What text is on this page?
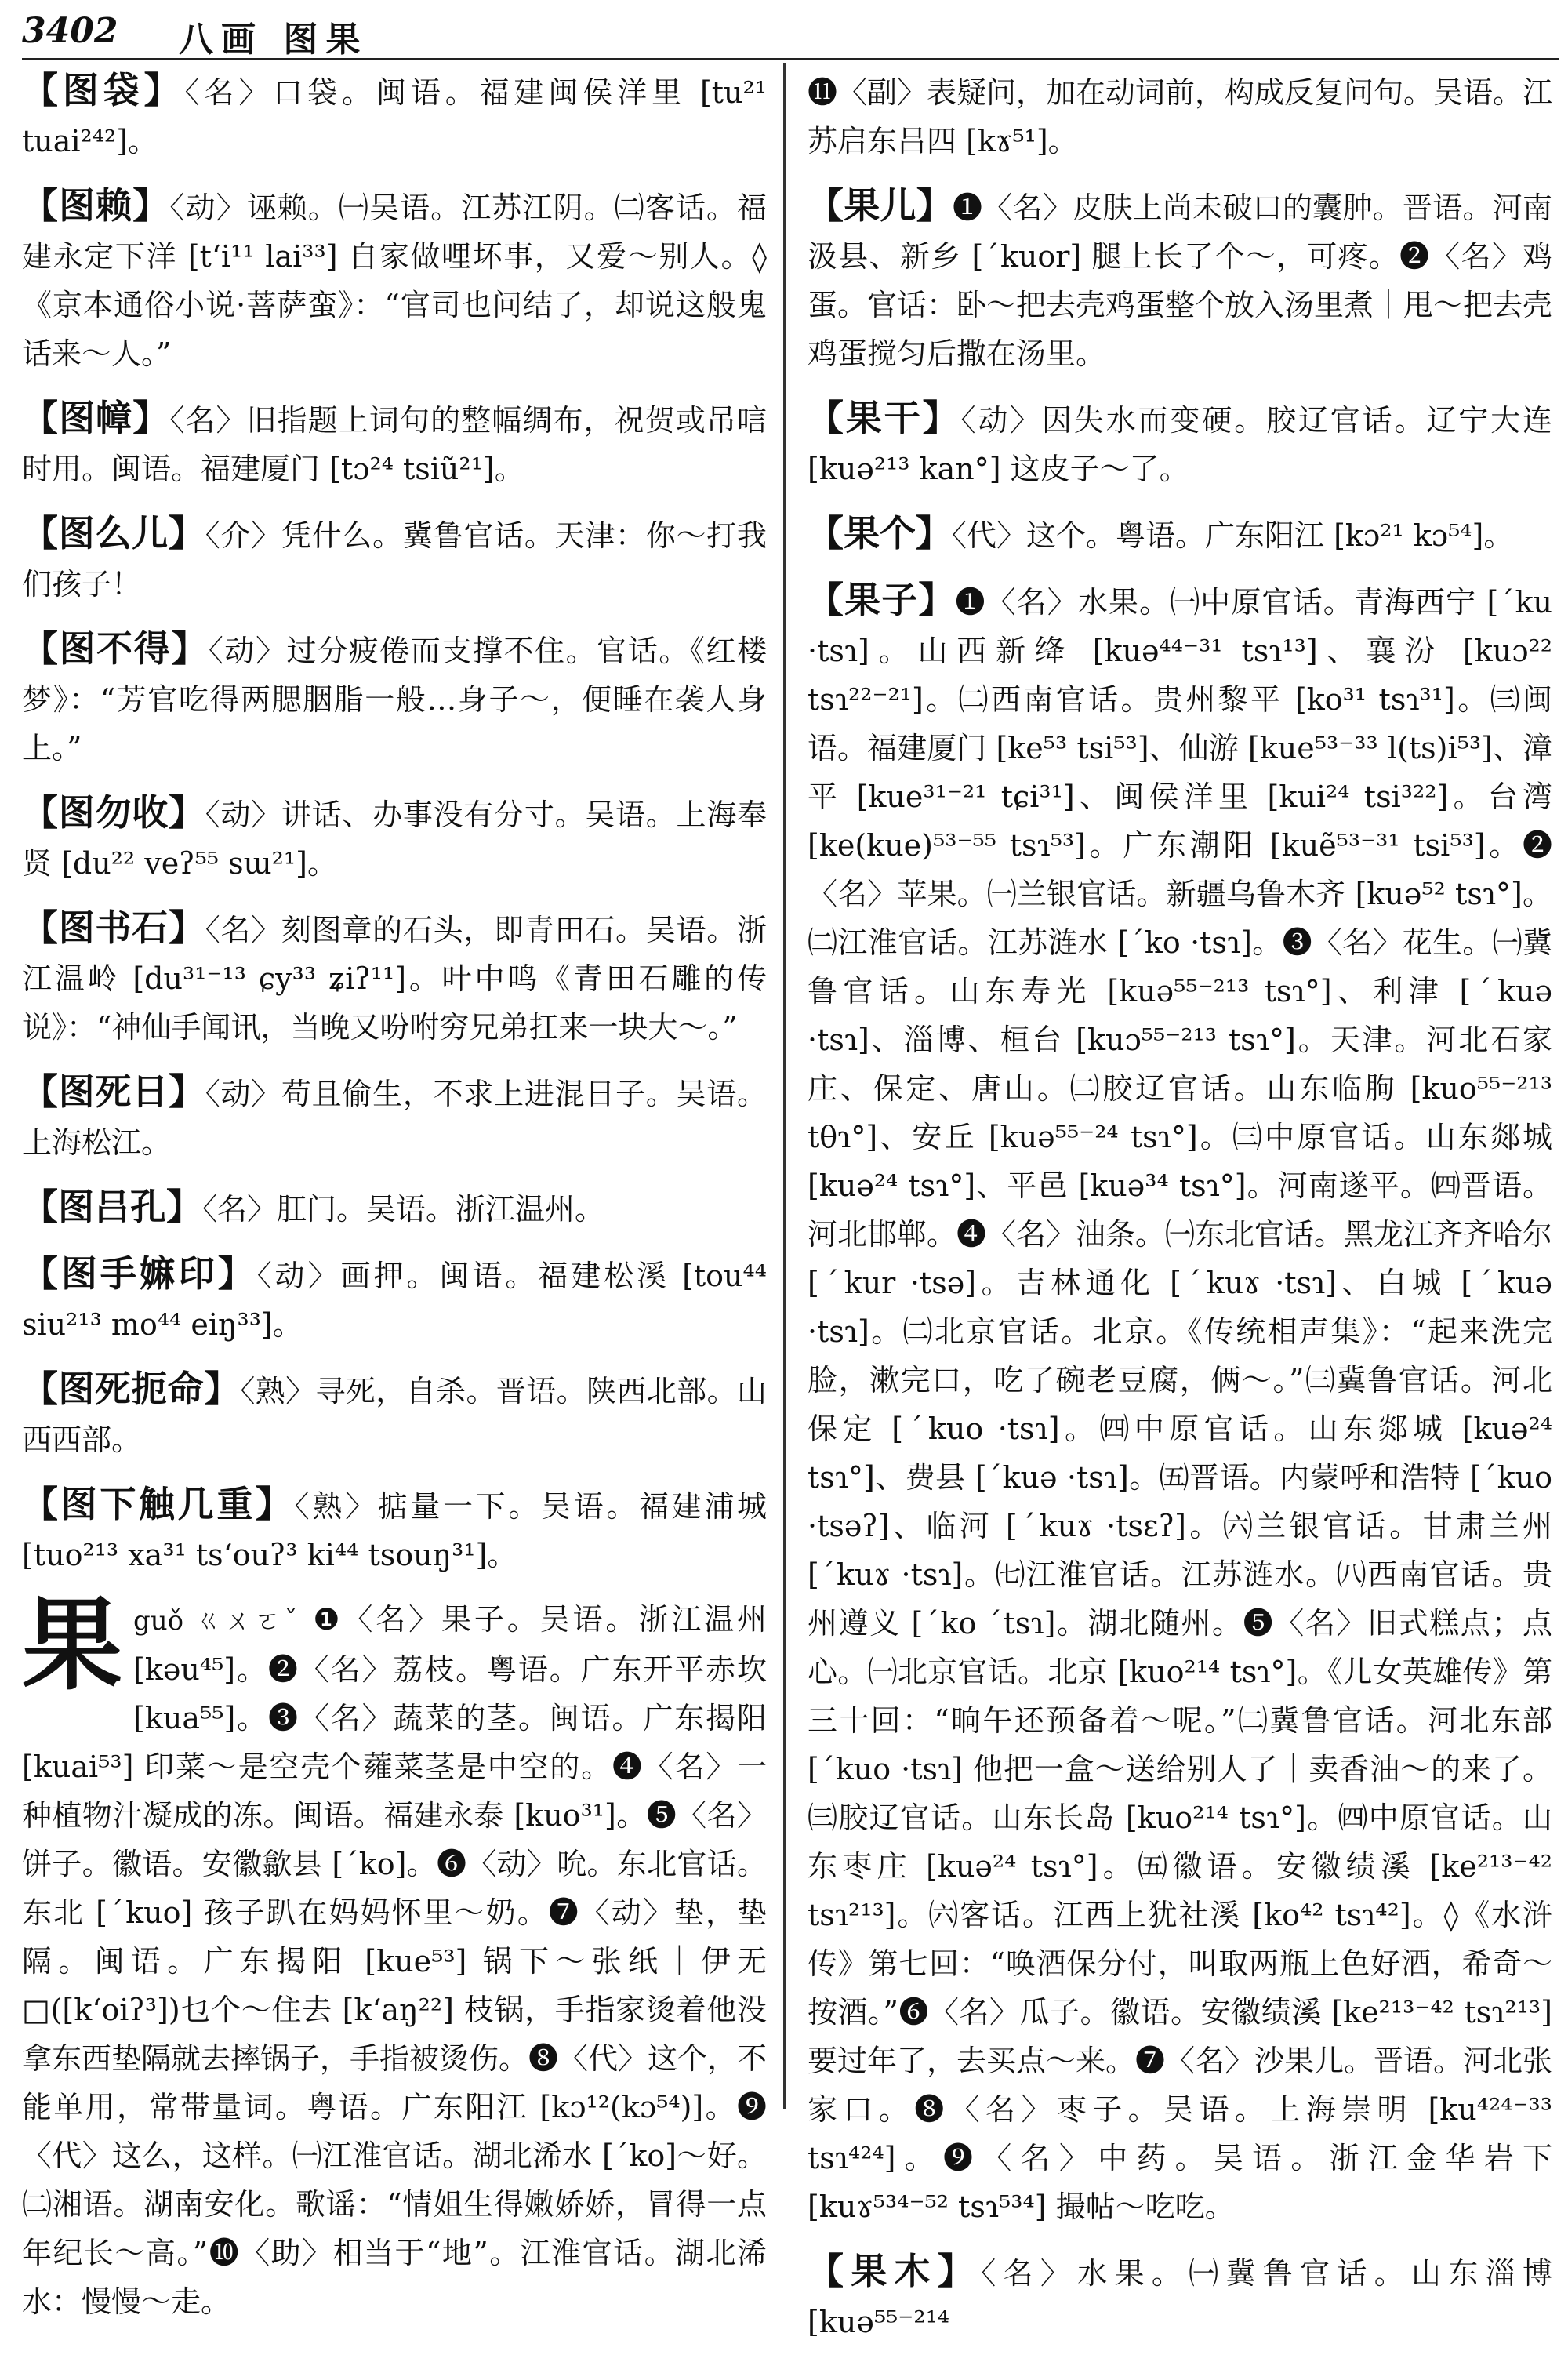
3402 八画 图果

【图袋】〈名〉口袋。闽语。福建闽侯洋里 [tu²¹ tuai²⁴²]。

【图赖】〈动〉诬赖。㈠吴语。江苏江阴。㈡客话。福建永定下洋 [tʻi¹¹ lai³³] 自家做哩坏事，又爱～别人。◊《京本通俗小说·菩萨蛮》：“官司也问结了，却说这般鬼话来～人。”

【图幛】〈名〉旧指题上词句的整幅绸布，祝贺或吊唁时用。闽语。福建厦门 [tɔ²⁴ tsiũ²¹]。

【图么儿】〈介〉凭什么。冀鲁官话。天津：你～打我们孩子！

【图不得】〈动〉过分疲倦而支撑不住。官话。《红楼梦》：“芳官吃得两腮胭脂一般…身子～，便睡在袭人身上。”

【图勿收】〈动〉讲话、办事没有分寸。吴语。上海奉贤 [du²² veʔ⁵⁵ sɯ²¹]。

【图书石】〈名〉刻图章的石头，即青田石。吴语。浙江温岭 [du³¹⁻¹³ ɕy³³ ʑiʔ¹¹]。叶中鸣《青田石雕的传说》：“神仙手闻讯，当晚又吩咐穷兄弟扛来一块大～。”

【图死日】〈动〉苟且偷生，不求上进混日子。吴语。上海松江。

【图吕孔】〈名〉肛门。吴语。浙江温州。

【图手嫲印】〈动〉画押。闽语。福建松溪 [tou⁴⁴ siu²¹³ mo⁴⁴ eiŋ³³]。

【图死扼命】〈熟〉寻死，自杀。晋语。陕西北部。山西西部。

【图下触几重】〈熟〉掂量一下。吴语。福建浦城 [tuo²¹³ xa³¹ tsʻouʔ³ ki⁴⁴ tsouŋ³¹]。

果guǒ ㄍㄨㄛˇ ❶〈名〉果子。吴语。浙江温州 [kəu⁴⁵]。❷〈名〉荔枝。粤语。广东开平赤坎 [kua⁵⁵]。❸〈名〉蔬菜的茎。闽语。广东揭阳 [kuai⁵³] 印菜～是空壳个蕹菜茎是中空的。❹〈名〉一种植物汁凝成的冻。闽语。福建永泰 [kuo³¹]。❺〈名〉饼子。徽语。安徽歙县 [ˊko]。❻〈动〉吮。东北官话。东北 [ˊkuo] 孩子趴在妈妈怀里～奶。❼〈动〉垫，垫隔。闽语。广东揭阳 [kue⁵³] 锅下～张纸｜伊无□([kʻoiʔ³])乜个～住去 [kʻaŋ²²] 枝锅，手指家烫着他没拿东西垫隔就去摔锅子，手指被烫伤。❽〈代〉这个，不能单用，常带量词。粤语。广东阳江 [kɔ¹²(kɔ⁵⁴)]。❾〈代〉这么，这样。㈠江淮官话。湖北浠水 [ˊko]～好。㈡湘语。湖南安化。歌谣：“情姐生得嫩娇娇，冒得一点年纪长～高。”❿〈助〉相当于“地”。江淮官话。湖北浠水：慢慢～走。

⓫〈副〉表疑问，加在动词前，构成反复问句。吴语。江苏启东吕四 [kɤ⁵¹]。

【果儿】❶〈名〉皮肤上尚未破口的囊肿。晋语。河南汲县、新乡 [ˊkuor] 腿上长了个～，可疼。❷〈名〉鸡蛋。官话：卧～把去壳鸡蛋整个放入汤里煮｜甩～把去壳鸡蛋搅匀后撒在汤里。

【果干】〈动〉因失水而变硬。胶辽官话。辽宁大连 [kuə²¹³ kan°] 这皮子～了。

【果个】〈代〉这个。粤语。广东阳江 [kɔ²¹ kɔ⁵⁴]。

【果子】❶〈名〉水果。㈠中原官话。青海西宁 [ˊku ·tsɿ]。山西新绛 [kuə⁴⁴⁻³¹ tsɿ¹³]、襄汾 [kuɔ²² tsɿ²²⁻²¹]。㈡西南官话。贵州黎平 [ko³¹ tsɿ³¹]。㈢闽语。福建厦门 [ke⁵³ tsi⁵³]、仙游 [kue⁵³⁻³³ l(ts)i⁵³]、漳平 [kue³¹⁻²¹ tɕi³¹]、闽侯洋里 [kui²⁴ tsi³²²]。台湾 [ke(kue)⁵³⁻⁵⁵ tsɿ⁵³]。广东潮阳 [kuẽ⁵³⁻³¹ tsi⁵³]。❷〈名〉苹果。㈠兰银官话。新疆乌鲁木齐 [kuə⁵² tsɿ°]。㈡江淮官话。江苏涟水 [ˊko ·tsɿ]。❸〈名〉花生。㈠冀鲁官话。山东寿光 [kuə⁵⁵⁻²¹³ tsɿ°]、利津 [ˊkuə ·tsɿ]、淄博、桓台 [kuɔ⁵⁵⁻²¹³ tsɿ°]。天津。河北石家庄、保定、唐山。㈡胶辽官话。山东临朐 [kuo⁵⁵⁻²¹³ tθɿ°]、安丘 [kuə⁵⁵⁻²⁴ tsɿ°]。㈢中原官话。山东郯城 [kuə²⁴ tsɿ°]、平邑 [kuə³⁴ tsɿ°]。河南遂平。㈣晋语。河北邯郸。❹〈名〉油条。㈠东北官话。黑龙江齐齐哈尔 [ˊkur ·tsə]。吉林通化 [ˊkuɤ ·tsɿ]、白城 [ˊkuə ·tsɿ]。㈡北京官话。北京。《传统相声集》：“起来洗完脸，漱完口，吃了碗老豆腐，俩～。”㈢冀鲁官话。河北保定 [ˊkuo ·tsɿ]。㈣中原官话。山东郯城 [kuə²⁴ tsɿ°]、费县 [ˊkuə ·tsɿ]。㈤晋语。内蒙呼和浩特 [ˊkuo ·tsəʔ]、临河 [ˊkuɤ ·tsɛʔ]。㈥兰银官话。甘肃兰州 [ˊkuɤ ·tsɿ]。㈦江淮官话。江苏涟水。㈧西南官话。贵州遵义 [ˊko ˊtsɿ]。湖北随州。❺〈名〉旧式糕点；点心。㈠北京官话。北京 [kuo²¹⁴ tsɿ°]。《儿女英雄传》第三十回：“晌午还预备着～呢。”㈡冀鲁官话。河北东部 [ˊkuo ·tsɿ] 他把一盒～送给别人了｜卖香油～的来了。㈢胶辽官话。山东长岛 [kuo²¹⁴ tsɿ°]。㈣中原官话。山东枣庄 [kuə²⁴ tsɿ°]。㈤徽语。安徽绩溪 [ke²¹³⁻⁴² tsɿ²¹³]。㈥客话。江西上犹社溪 [ko⁴² tsɿ⁴²]。◊《水浒传》第七回：“唤酒保分付，叫取两瓶上色好酒，希奇～按酒。”❻〈名〉瓜子。徽语。安徽绩溪 [ke²¹³⁻⁴² tsɿ²¹³] 要过年了，去买点～来。❼〈名〉沙果儿。晋语。河北张家口。❽〈名〉枣子。吴语。上海崇明 [ku⁴²⁴⁻³³ tsɿ⁴²⁴]。❾〈名〉中药。吴语。浙江金华岩下 [kuɤ⁵³⁴⁻⁵² tsɿ⁵³⁴] 撮帖～吃吃。

【果木】〈名〉水果。㈠冀鲁官话。山东淄博 [kuə⁵⁵⁻²¹⁴
